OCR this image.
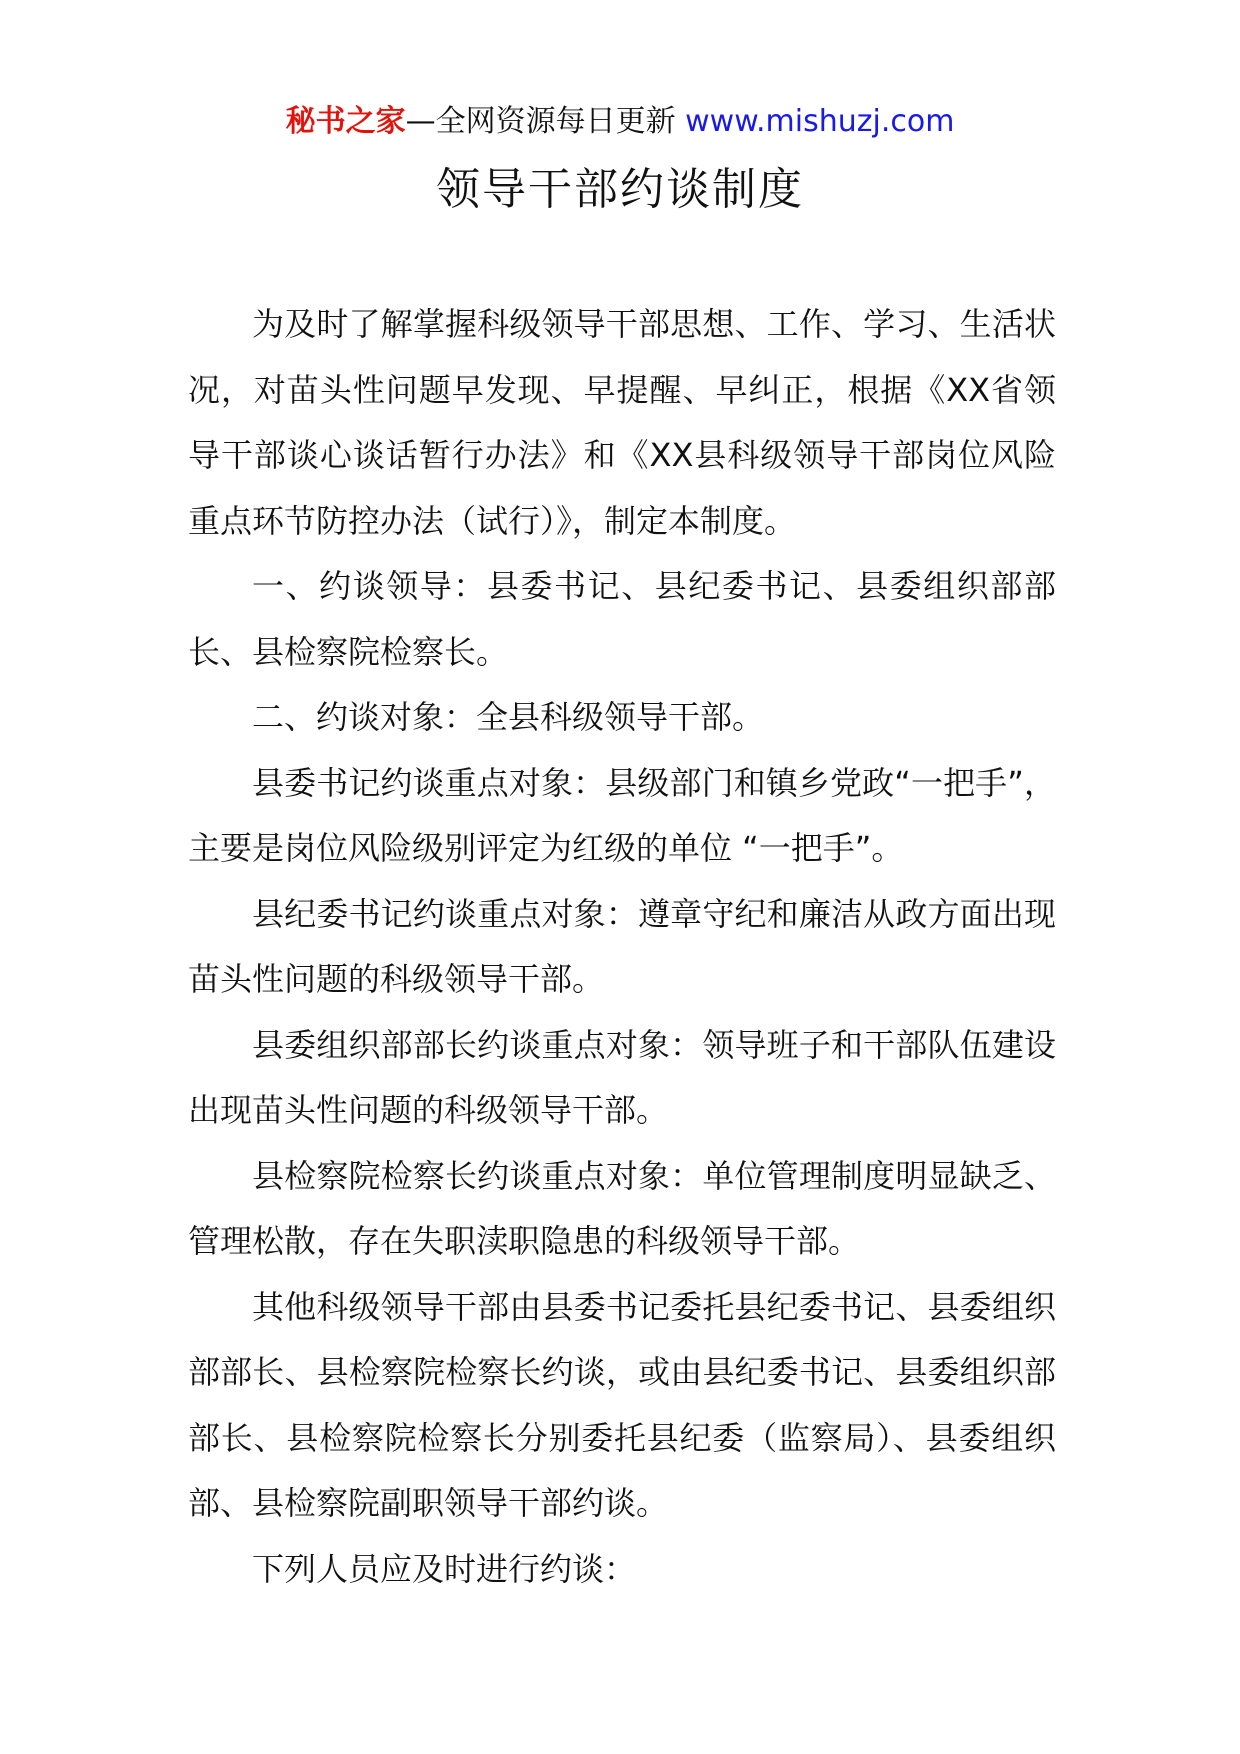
秘书之家—全网资源每日更新 www.mishuzj.com
领导干部约谈制度

为及时了解掌握科级领导干部思想、工作、学习、生活状况，对苗头性问题早发现、早提醒、早纠正，根据《XX省领导干部谈心谈话暂行办法》和《XX县科级领导干部岗位风险重点环节防控办法（试行）》，制定本制度。

一、约谈领导：县委书记、县纪委书记、县委组织部部长、县检察院检察长。

二、约谈对象：全县科级领导干部。

县委书记约谈重点对象：县级部门和镇乡党政“一把手”，主要是岗位风险级别评定为红级的单位 “一把手”。

县纪委书记约谈重点对象：遵章守纪和廉洁从政方面出现苗头性问题的科级领导干部。

县委组织部部长约谈重点对象：领导班子和干部队伍建设出现苗头性问题的科级领导干部。

县检察院检察长约谈重点对象：单位管理制度明显缺乏、管理松散，存在失职渎职隐患的科级领导干部。

其他科级领导干部由县委书记委托县纪委书记、县委组织部部长、县检察院检察长约谈，或由县纪委书记、县委组织部部长、县检察院检察长分别委托县纪委（监察局）、县委组织部、县检察院副职领导干部约谈。

下列人员应及时进行约谈：
